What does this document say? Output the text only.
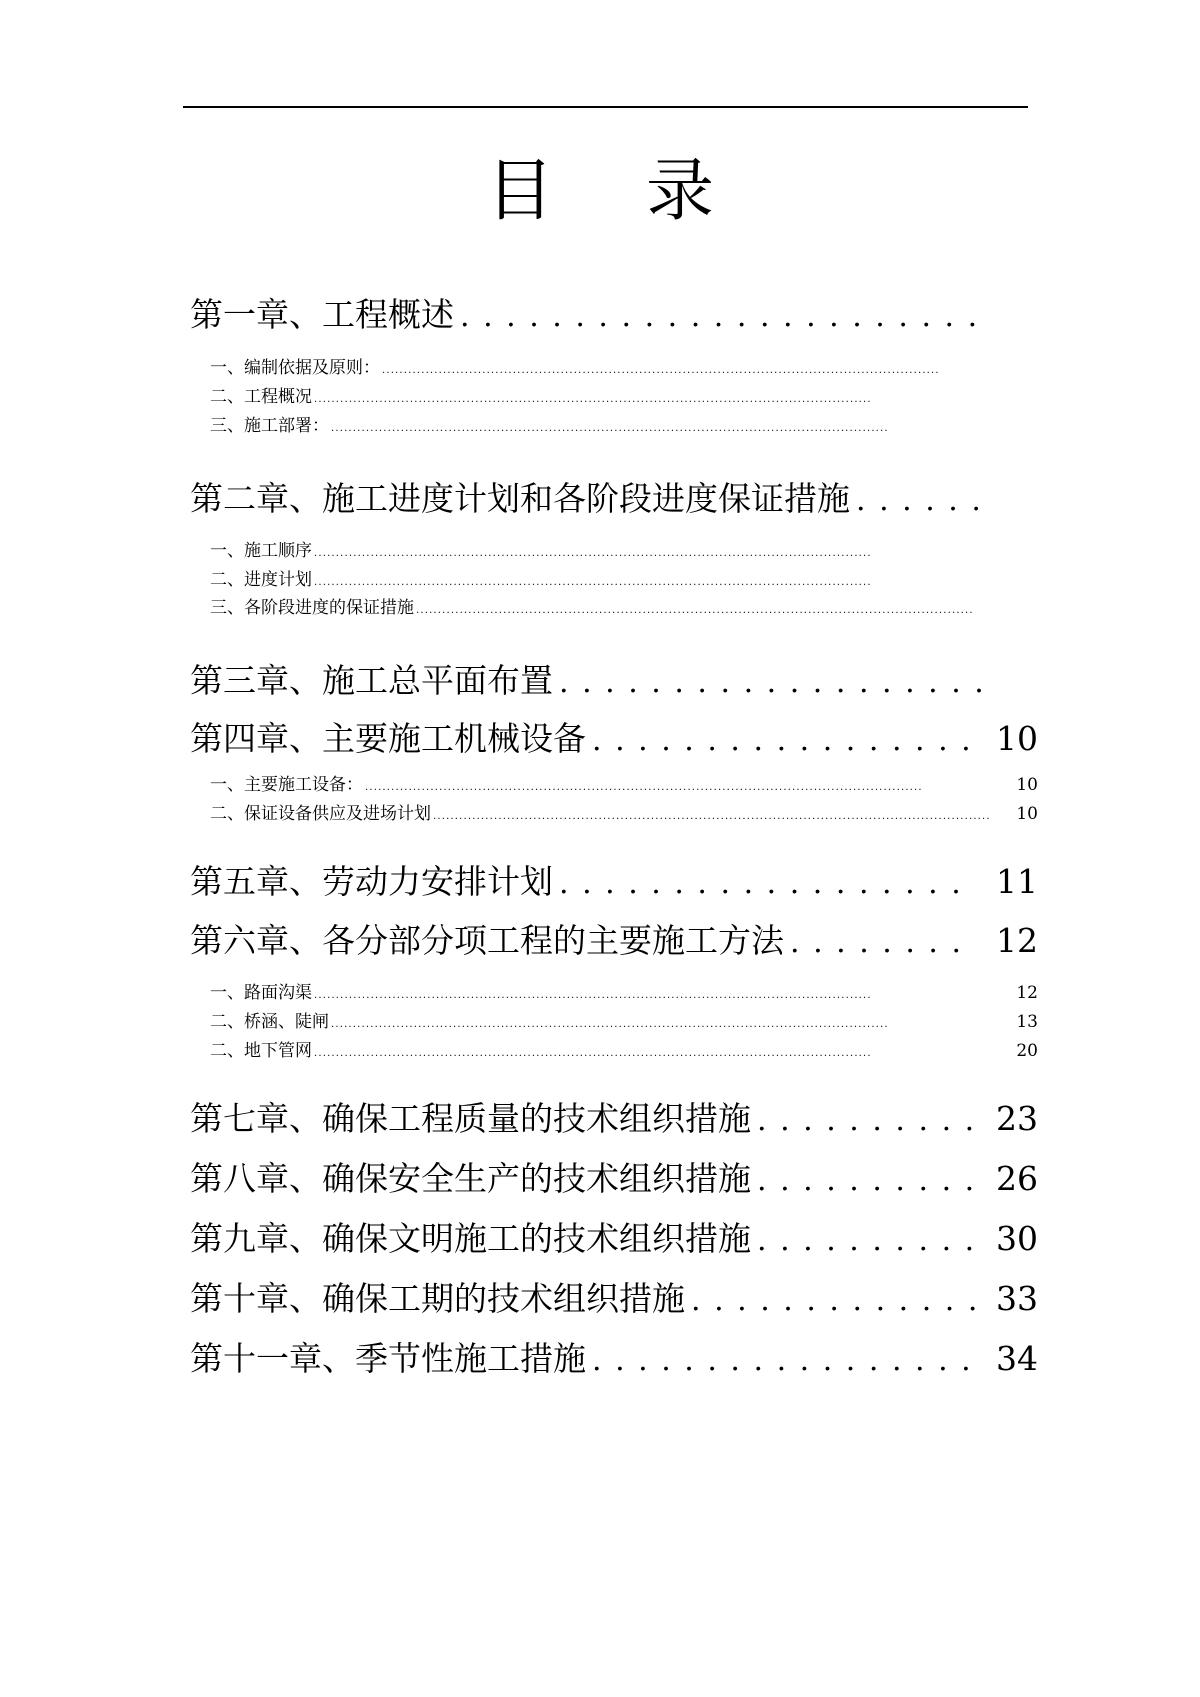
目 录
第一章、工程概述
. . .
一、编制依据及原则：
. . .
二、工程概况
. . .
三、施工部署：
. . .
第二章、施工进度计划和各阶段进度保证措施
. . .
一、施工顺序
. . .
二、进度计划
. . .
三、各阶段进度的保证措施
. . .
第三章、施工总平面布置
. . .
第四章、主要施工机械设备 . . .	10
一、主要施工设备： . . .	10
二、保证设备供应及进场计划 . . .	10
第五章、劳动力安排计划 . . .	11
第六章、各分部分项工程的主要施工方法 . . .	12
一、路面沟渠 . . .	12
二、桥涵、陡闸 . . .	13
二、地下管网 . . .	20
第七章、确保工程质量的技术组织措施 . . .	23
第八章、确保安全生产的技术组织措施 . . .	26
第九章、确保文明施工的技术组织措施 . . .	30
第十章、确保工期的技术组织措施 . . .	33
第十一章、季节性施工措施 . . .	34
